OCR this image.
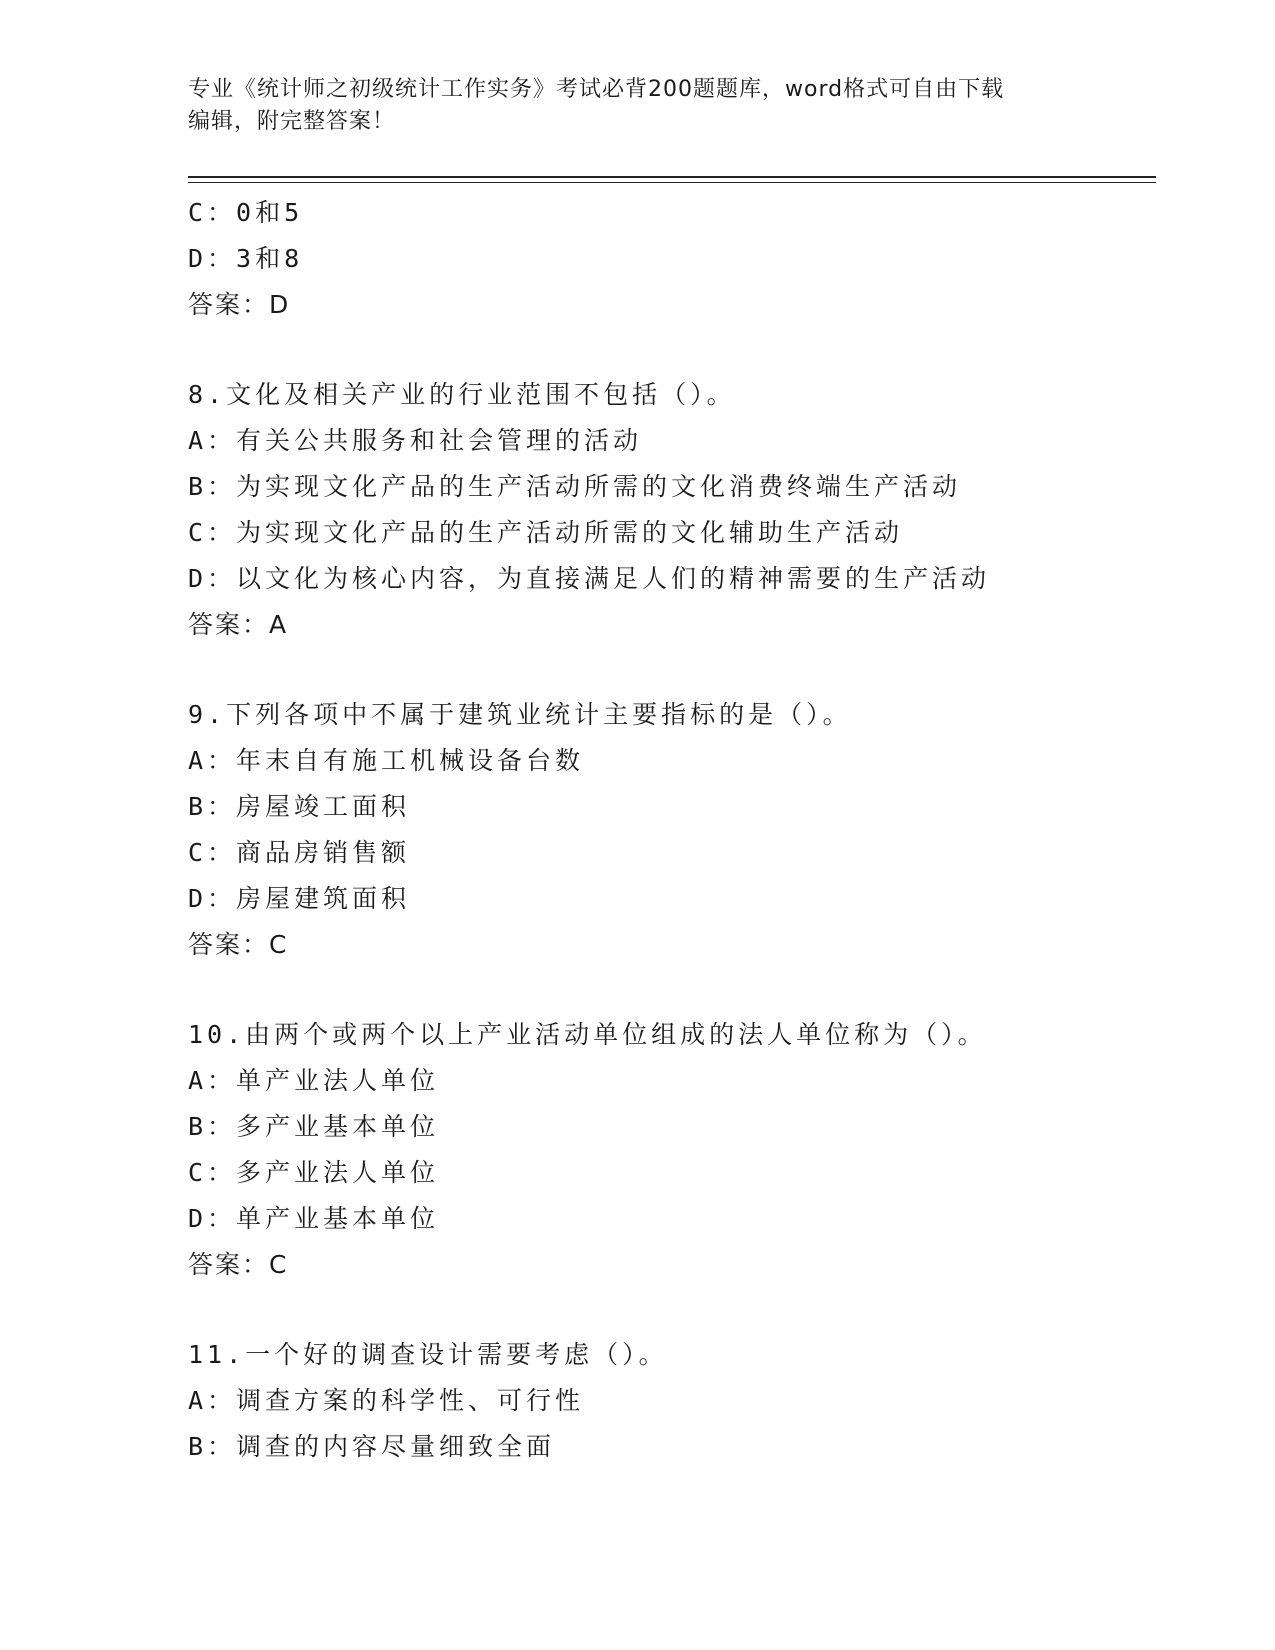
专业《统计师之初级统计工作实务》考试必背200题题库，word格式可自由下载
编辑，附完整答案！
C：0和5
D：3和8
答案：D
8.文化及相关产业的行业范围不包括（）。
A：有关公共服务和社会管理的活动
B：为实现文化产品的生产活动所需的文化消费终端生产活动
C：为实现文化产品的生产活动所需的文化辅助生产活动
D：以文化为核心内容，为直接满足人们的精神需要的生产活动
答案：A
9.下列各项中不属于建筑业统计主要指标的是（）。
A：年末自有施工机械设备台数
B：房屋竣工面积
C：商品房销售额
D：房屋建筑面积
答案：C
10.由两个或两个以上产业活动单位组成的法人单位称为（）。
A：单产业法人单位
B：多产业基本单位
C：多产业法人单位
D：单产业基本单位
答案：C
11.一个好的调查设计需要考虑（）。
A：调查方案的科学性、可行性
B：调查的内容尽量细致全面
